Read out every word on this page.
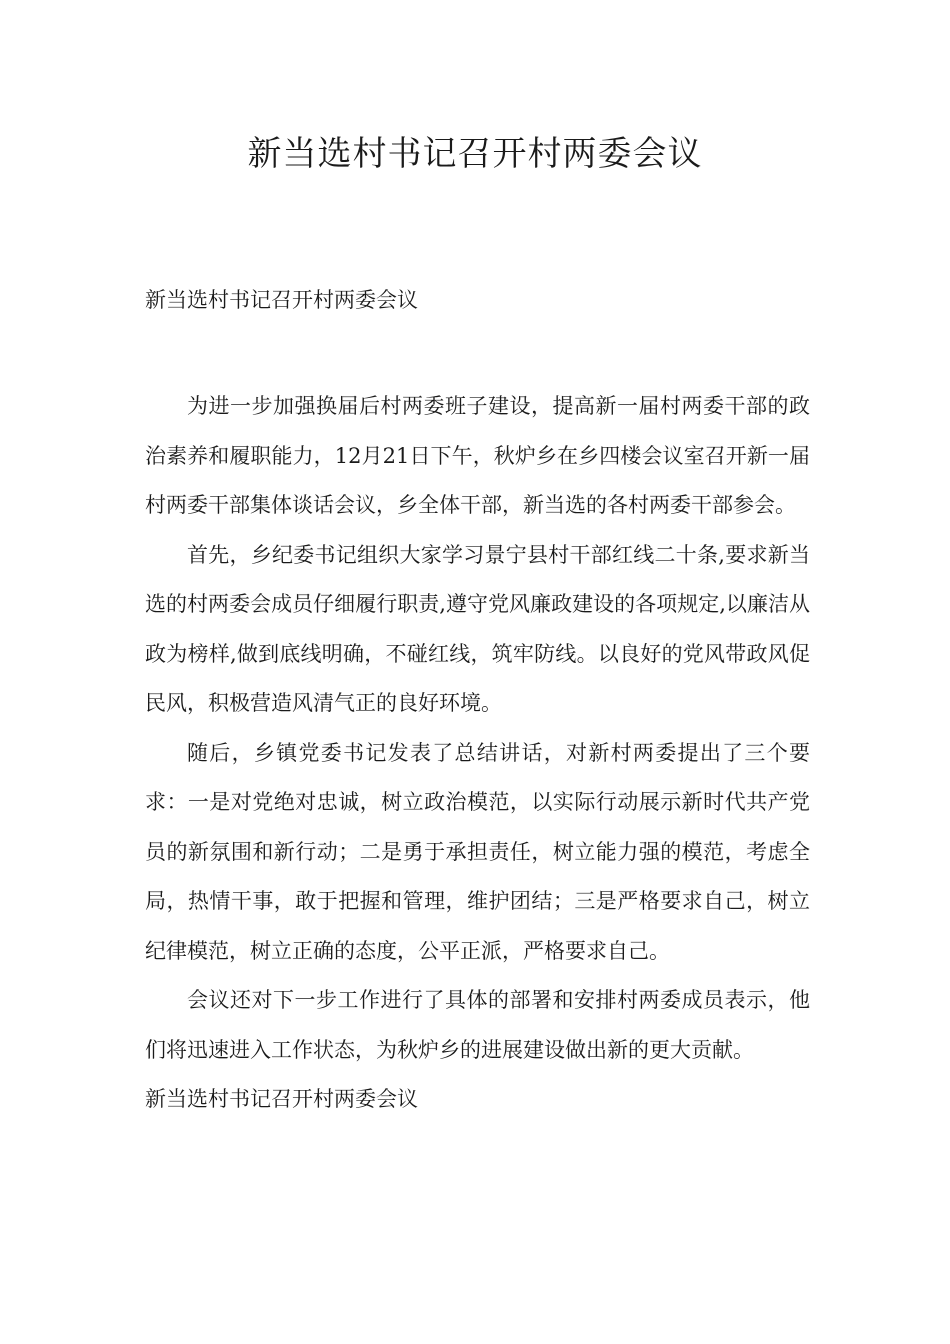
新当选村书记召开村两委会议

新当选村书记召开村两委会议

为进一步加强换届后村两委班子建设，提高新一届村两委干部的政治素养和履职能力，12月21日下午，秋炉乡在乡四楼会议室召开新一届村两委干部集体谈话会议，乡全体干部，新当选的各村两委干部参会。

首先，乡纪委书记组织大家学习景宁县村干部红线二十条,要求新当选的村两委会成员仔细履行职责,遵守党风廉政建设的各项规定,以廉洁从政为榜样,做到底线明确，不碰红线，筑牢防线。以良好的党风带政风促民风，积极营造风清气正的良好环境。

随后，乡镇党委书记发表了总结讲话，对新村两委提出了三个要求：一是对党绝对忠诚，树立政治模范，以实际行动展示新时代共产党员的新氛围和新行动；二是勇于承担责任，树立能力强的模范，考虑全局，热情干事，敢于把握和管理，维护团结；三是严格要求自己，树立纪律模范，树立正确的态度，公平正派，严格要求自己。

会议还对下一步工作进行了具体的部署和安排村两委成员表示，他们将迅速进入工作状态，为秋炉乡的进展建设做出新的更大贡献。

新当选村书记召开村两委会议
